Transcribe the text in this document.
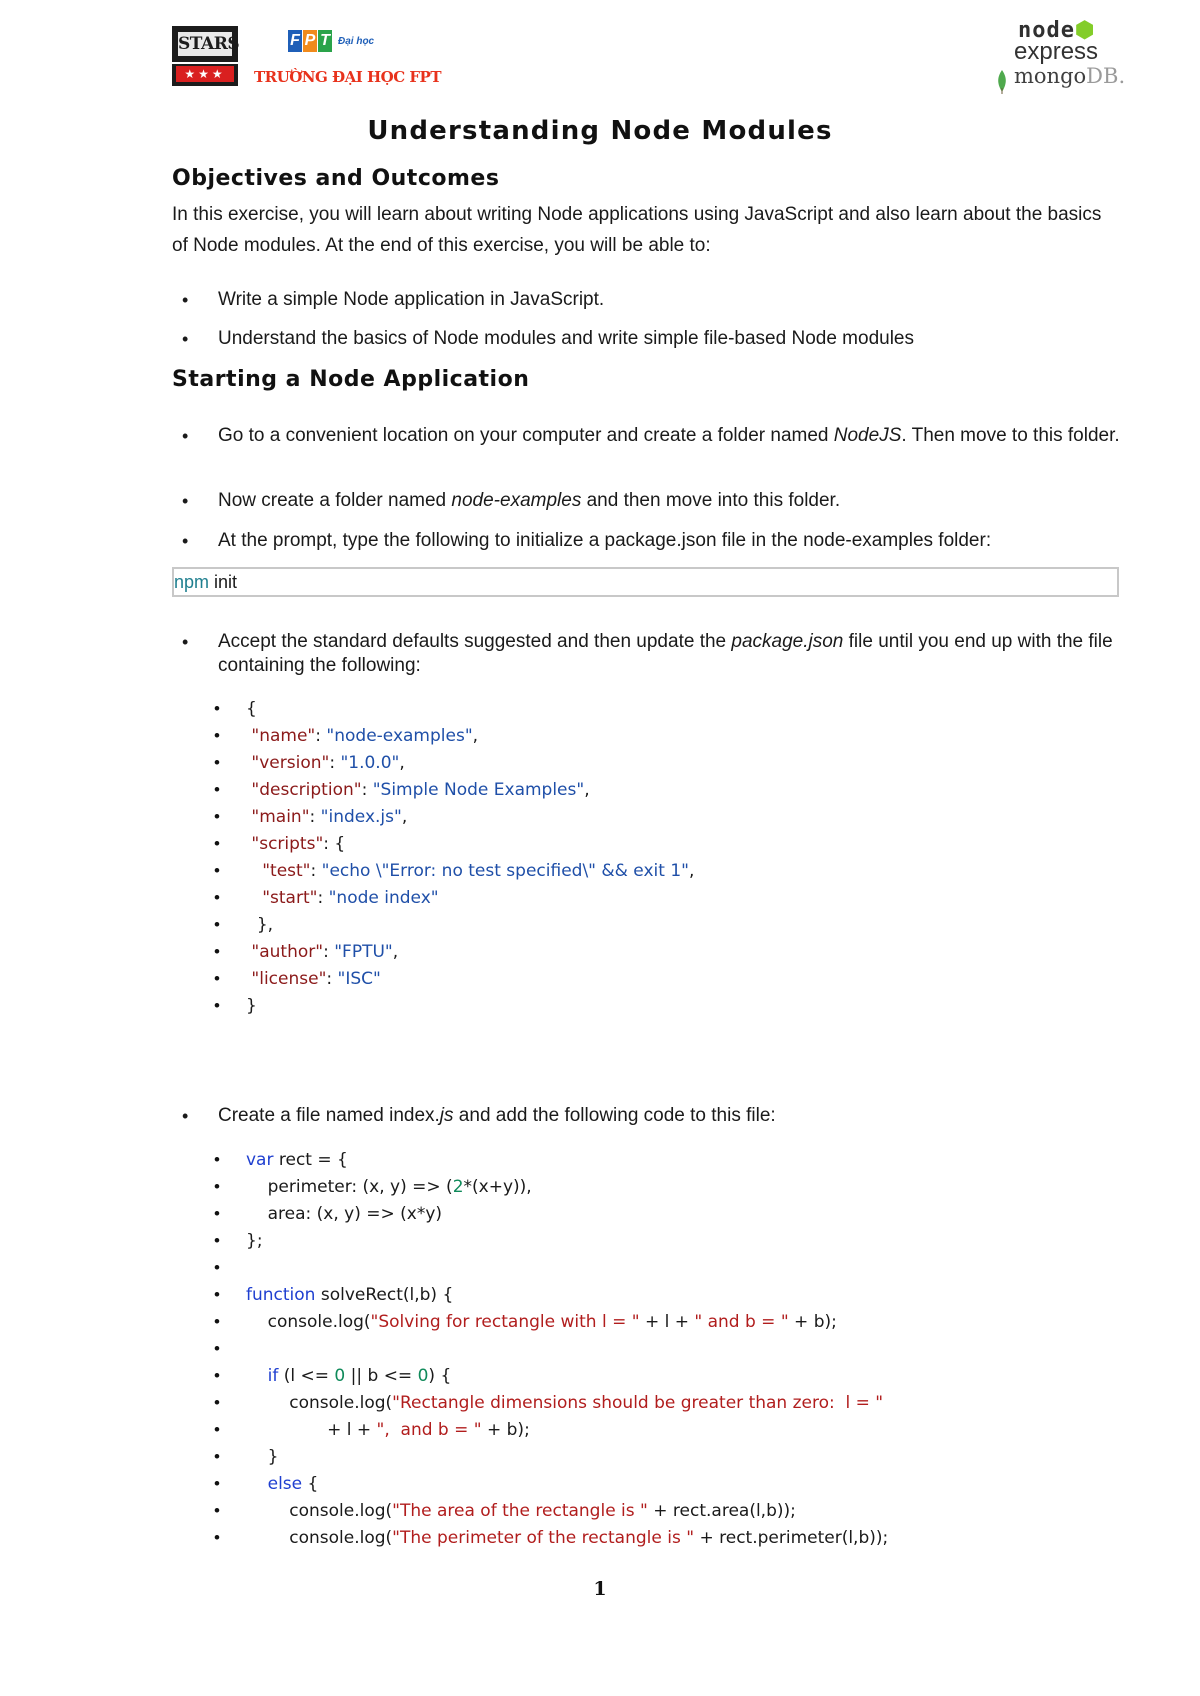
STARS
★★★
F P T Đại học
TRƯỜNG ĐẠI HỌC FPT
node⬢
express
mongoDB.
Understanding Node Modules
Objectives and Outcomes
In this exercise, you will learn about writing Node applications using JavaScript and also learn about the basics of Node modules. At the end of this exercise, you will be able to:
• Write a simple Node application in JavaScript.
• Understand the basics of Node modules and write simple file-based Node modules
Starting a Node Application
• Go to a convenient location on your computer and create a folder named NodeJS. Then move to this folder.
• Now create a folder named node-examples and then move into this folder.
• At the prompt, type the following to initialize a package.json file in the node-examples folder:
npm init
• Accept the standard defaults suggested and then update the package.json file until you end up with the file containing the following:
• {
•	"name": "node-examples",
•	"version": "1.0.0",
•	"description": "Simple Node Examples",
•	"main": "index.js",
•	"scripts": {
•	"test": "echo \"Error: no test specified\" && exit 1",
•	"start": "node index"
•	},
•	"author": "FPTU",
•	"license": "ISC"
• }
• Create a file named index.js and add the following code to this file:
• var rect = {
•	perimeter: (x, y) => (2*(x+y)),
•	area: (x, y) => (x*y)
• };
•
• function solveRect(l,b) {
•	console.log("Solving for rectangle with l = " + l + " and b = " + b);
•
•	if (l <= 0 || b <= 0) {
•	console.log("Rectangle dimensions should be greater than zero:  l = "
•	+ l + ",  and b = " + b);
•	}
•	else {
•	console.log("The area of the rectangle is " + rect.area(l,b));
•	console.log("The perimeter of the rectangle is " + rect.perimeter(l,b));
1
